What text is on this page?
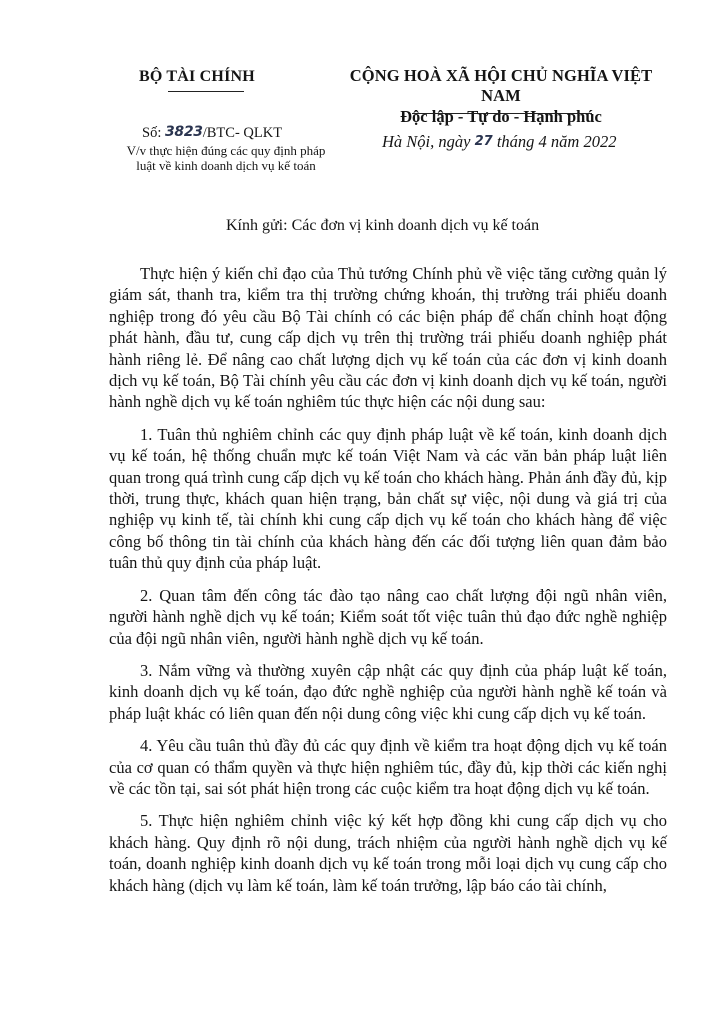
BỘ TÀI CHÍNH	CỘNG HOÀ XÃ HỘI CHỦ NGHĨA VIỆT NAM
Độc lập - Tự do - Hạnh phúc
Số: 3823/BTC- QLKT
V/v thực hiện đúng các quy định pháp luật về kinh doanh dịch vụ kế toán
Hà Nội, ngày 27 tháng 4 năm 2022
Kính gửi: Các đơn vị kinh doanh dịch vụ kế toán

Thực hiện ý kiến chỉ đạo của Thủ tướng Chính phủ về việc tăng cường quản lý giám sát, thanh tra, kiểm tra thị trường chứng khoán, thị trường trái phiếu doanh nghiệp trong đó yêu cầu Bộ Tài chính có các biện pháp để chấn chỉnh hoạt động phát hành, đầu tư, cung cấp dịch vụ trên thị trường trái phiếu doanh nghiệp phát hành riêng lẻ. Để nâng cao chất lượng dịch vụ kế toán của các đơn vị kinh doanh dịch vụ kế toán, Bộ Tài chính yêu cầu các đơn vị kinh doanh dịch vụ kế toán, người hành nghề dịch vụ kế toán nghiêm túc thực hiện các nội dung sau:

1. Tuân thủ nghiêm chỉnh các quy định pháp luật về kế toán, kinh doanh dịch vụ kế toán, hệ thống chuẩn mực kế toán Việt Nam và các văn bản pháp luật liên quan trong quá trình cung cấp dịch vụ kế toán cho khách hàng. Phản ánh đầy đủ, kịp thời, trung thực, khách quan hiện trạng, bản chất sự việc, nội dung và giá trị của nghiệp vụ kinh tế, tài chính khi cung cấp dịch vụ kế toán cho khách hàng để việc công bố thông tin tài chính của khách hàng đến các đối tượng liên quan đảm bảo tuân thủ quy định của pháp luật.

2. Quan tâm đến công tác đào tạo nâng cao chất lượng đội ngũ nhân viên, người hành nghề dịch vụ kế toán; Kiểm soát tốt việc tuân thủ đạo đức nghề nghiệp của đội ngũ nhân viên, người hành nghề dịch vụ kế toán.

3. Nắm vững và thường xuyên cập nhật các quy định của pháp luật kế toán, kinh doanh dịch vụ kế toán, đạo đức nghề nghiệp của người hành nghề kế toán và pháp luật khác có liên quan đến nội dung công việc khi cung cấp dịch vụ kế toán.

4. Yêu cầu tuân thủ đầy đủ các quy định về kiểm tra hoạt động dịch vụ kế toán của cơ quan có thẩm quyền và thực hiện nghiêm túc, đầy đủ, kịp thời các kiến nghị về các tồn tại, sai sót phát hiện trong các cuộc kiểm tra hoạt động dịch vụ kế toán.

5. Thực hiện nghiêm chỉnh việc ký kết hợp đồng khi cung cấp dịch vụ cho khách hàng. Quy định rõ nội dung, trách nhiệm của người hành nghề dịch vụ kế toán, doanh nghiệp kinh doanh dịch vụ kế toán trong mỗi loại dịch vụ cung cấp cho khách hàng (dịch vụ làm kế toán, làm kế toán trưởng, lập báo cáo tài chính,
